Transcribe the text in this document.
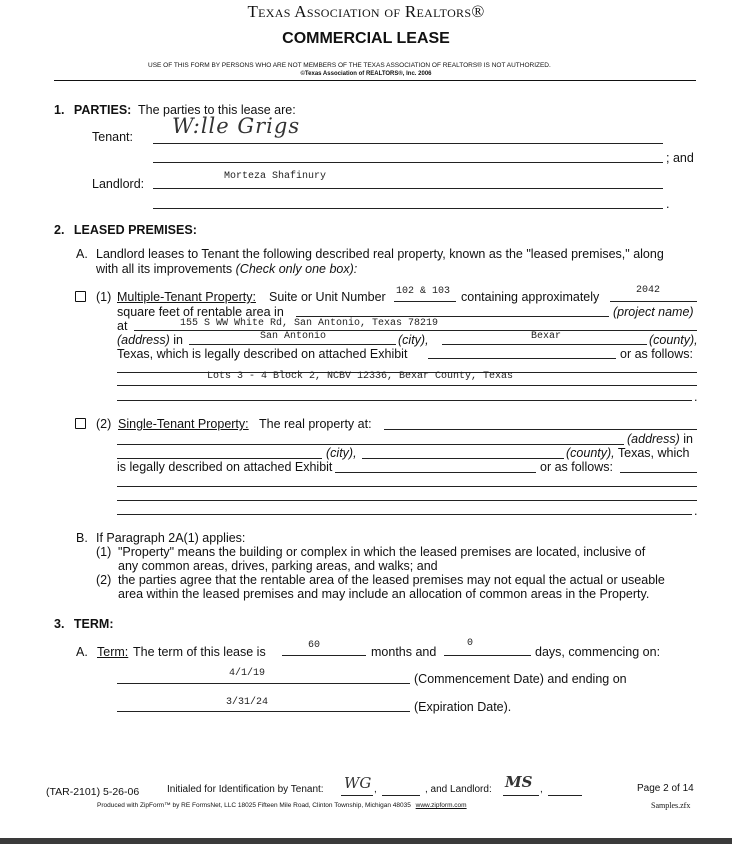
Texas Association of Realtors®
COMMERCIAL LEASE
USE OF THIS FORM BY PERSONS WHO ARE NOT MEMBERS OF THE TEXAS ASSOCIATION OF REALTORS® IS NOT AUTHORIZED.
©Texas Association of REALTORS®, Inc. 2006
1. PARTIES: The parties to this lease are:
Tenant: W:lle Grigs
; and
Landlord:
Morteza Shafinury
.
2. LEASED PREMISES:
A. Landlord leases to Tenant the following described real property, known as the "leased premises," along
with all its improvements (Check only one box):
(1) Multiple-Tenant Property: Suite or Unit Number 102 & 103 containing approximately	2042
square feet of rentable area in	(project name)
at	155 S WW White Rd, San Antonio, Texas 78219
(address) in	San Antonio	(city),	Bexar	(county),
Texas, which is legally described on attached Exhibit	or as follows:
Lots 3 - 4 Block 2, NCBV 12336, Bexar County, Texas
.
(2) Single-Tenant Property: The real property at:
(address) in
(city),	(county), Texas, which
is legally described on attached Exhibit	or as follows:
.
B. If Paragraph 2A(1) applies:
(1) "Property" means the building or complex in which the leased premises are located, inclusive of
any common areas, drives, parking areas, and walks; and
(2) the parties agree that the rentable area of the leased premises may not equal the actual or useable
area within the leased premises and may include an allocation of common areas in the Property.
3. TERM:
A. Term: The term of this lease is	60	months and
0
days, commencing on:
4/1/19	(Commencement Date) and ending on
3/31/24	(Expiration Date).
(TAR-2101) 5-26-06	Initialed for Identification by Tenant: WG ,	, and Landlord: MS ,	Page 2 of 14
Produced with ZipForm™ by RE FormsNet, LLC 18025 Fifteen Mile Road, Clinton Township, Michigan 48035 www.zipform.com	Samples.zfx
